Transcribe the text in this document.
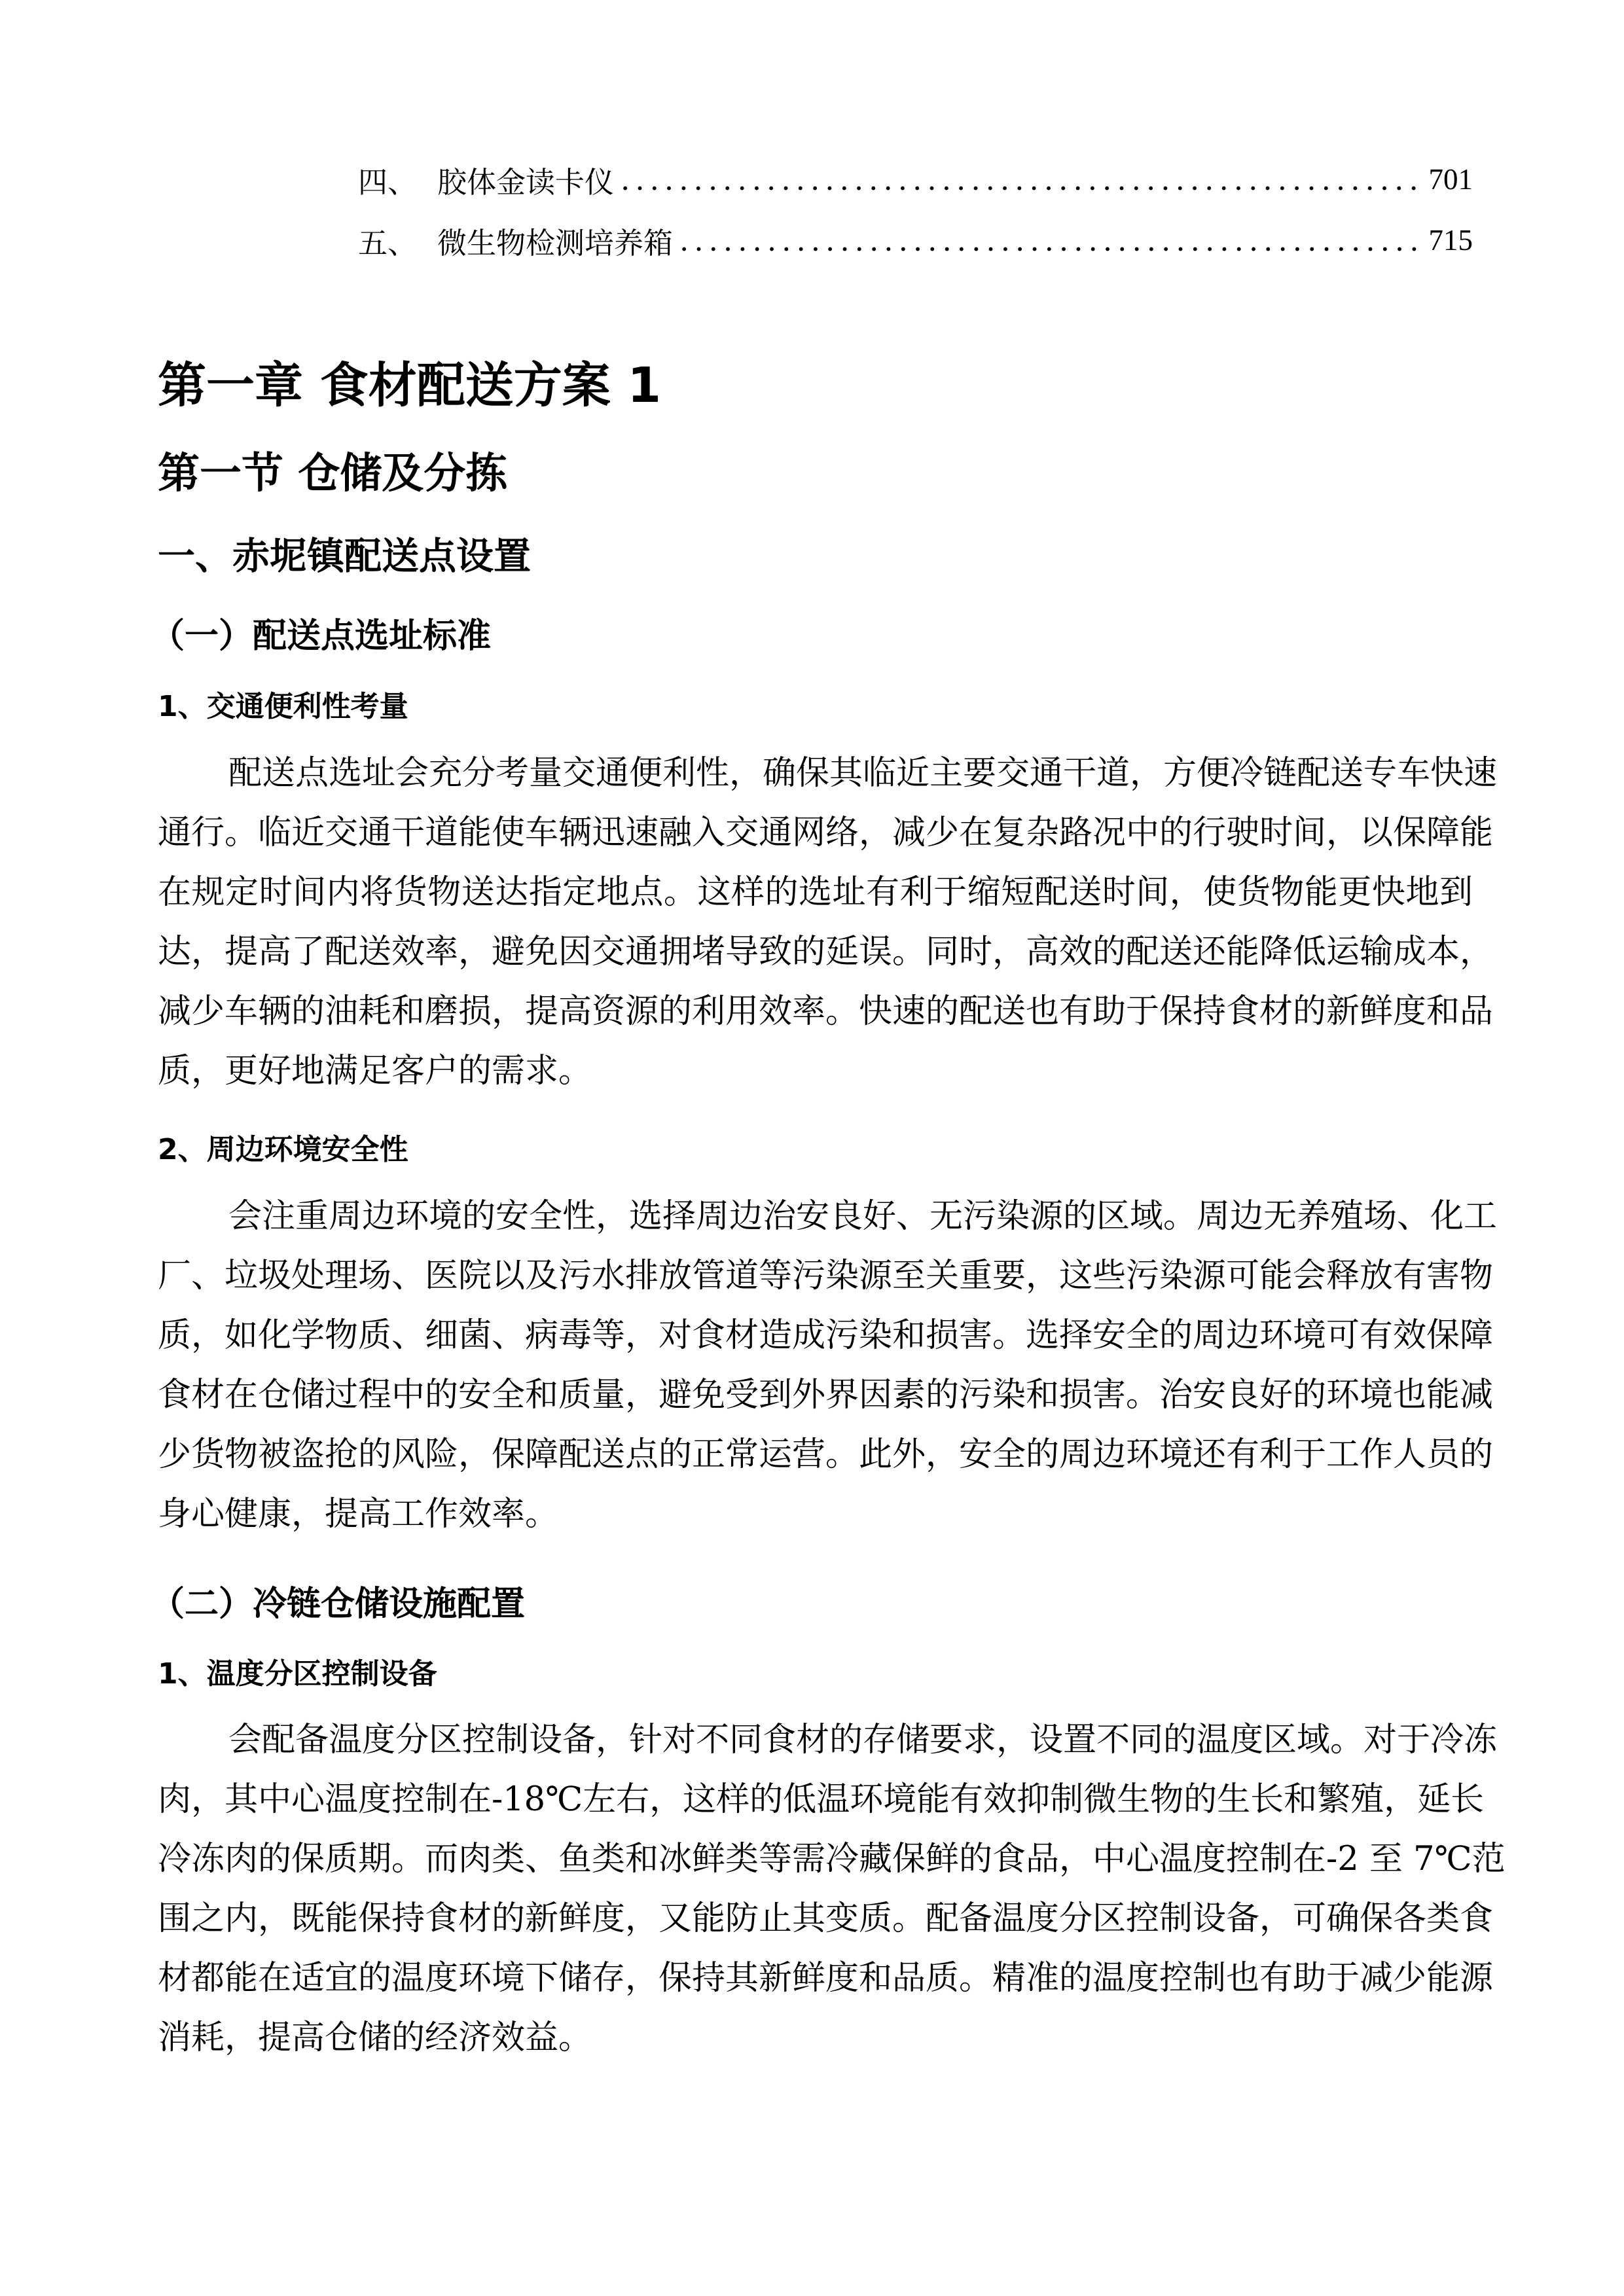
四、 胶体金读卡仪 .....	701
五、 微生物检测培养箱 .....	715
第一章 食材配送方案 1
第一节 仓储及分拣
一、赤坭镇配送点设置
（一）配送点选址标准
1、交通便利性考量
配送点选址会充分考量交通便利性，确保其临近主要交通干道，方便冷链配送专车快速
通行。临近交通干道能使车辆迅速融入交通网络，减少在复杂路况中的行驶时间，以保障能
在规定时间内将货物送达指定地点。这样的选址有利于缩短配送时间，使货物能更快地到
达，提高了配送效率，避免因交通拥堵导致的延误。同时，高效的配送还能降低运输成本，
减少车辆的油耗和磨损，提高资源的利用效率。快速的配送也有助于保持食材的新鲜度和品
质，更好地满足客户的需求。
2、周边环境安全性
会注重周边环境的安全性，选择周边治安良好、无污染源的区域。周边无养殖场、化工
厂、垃圾处理场、医院以及污水排放管道等污染源至关重要，这些污染源可能会释放有害物
质，如化学物质、细菌、病毒等，对食材造成污染和损害。选择安全的周边环境可有效保障
食材在仓储过程中的安全和质量，避免受到外界因素的污染和损害。治安良好的环境也能减
少货物被盗抢的风险，保障配送点的正常运营。此外，安全的周边环境还有利于工作人员的
身心健康，提高工作效率。
（二）冷链仓储设施配置
1、温度分区控制设备
会配备温度分区控制设备，针对不同食材的存储要求，设置不同的温度区域。对于冷冻
肉，其中心温度控制在-18℃左右，这样的低温环境能有效抑制微生物的生长和繁殖，延长
冷冻肉的保质期。而肉类、鱼类和冰鲜类等需冷藏保鲜的食品，中心温度控制在-2 至 7℃范
围之内，既能保持食材的新鲜度，又能防止其变质。配备温度分区控制设备，可确保各类食
材都能在适宜的温度环境下储存，保持其新鲜度和品质。精准的温度控制也有助于减少能源
消耗，提高仓储的经济效益。
